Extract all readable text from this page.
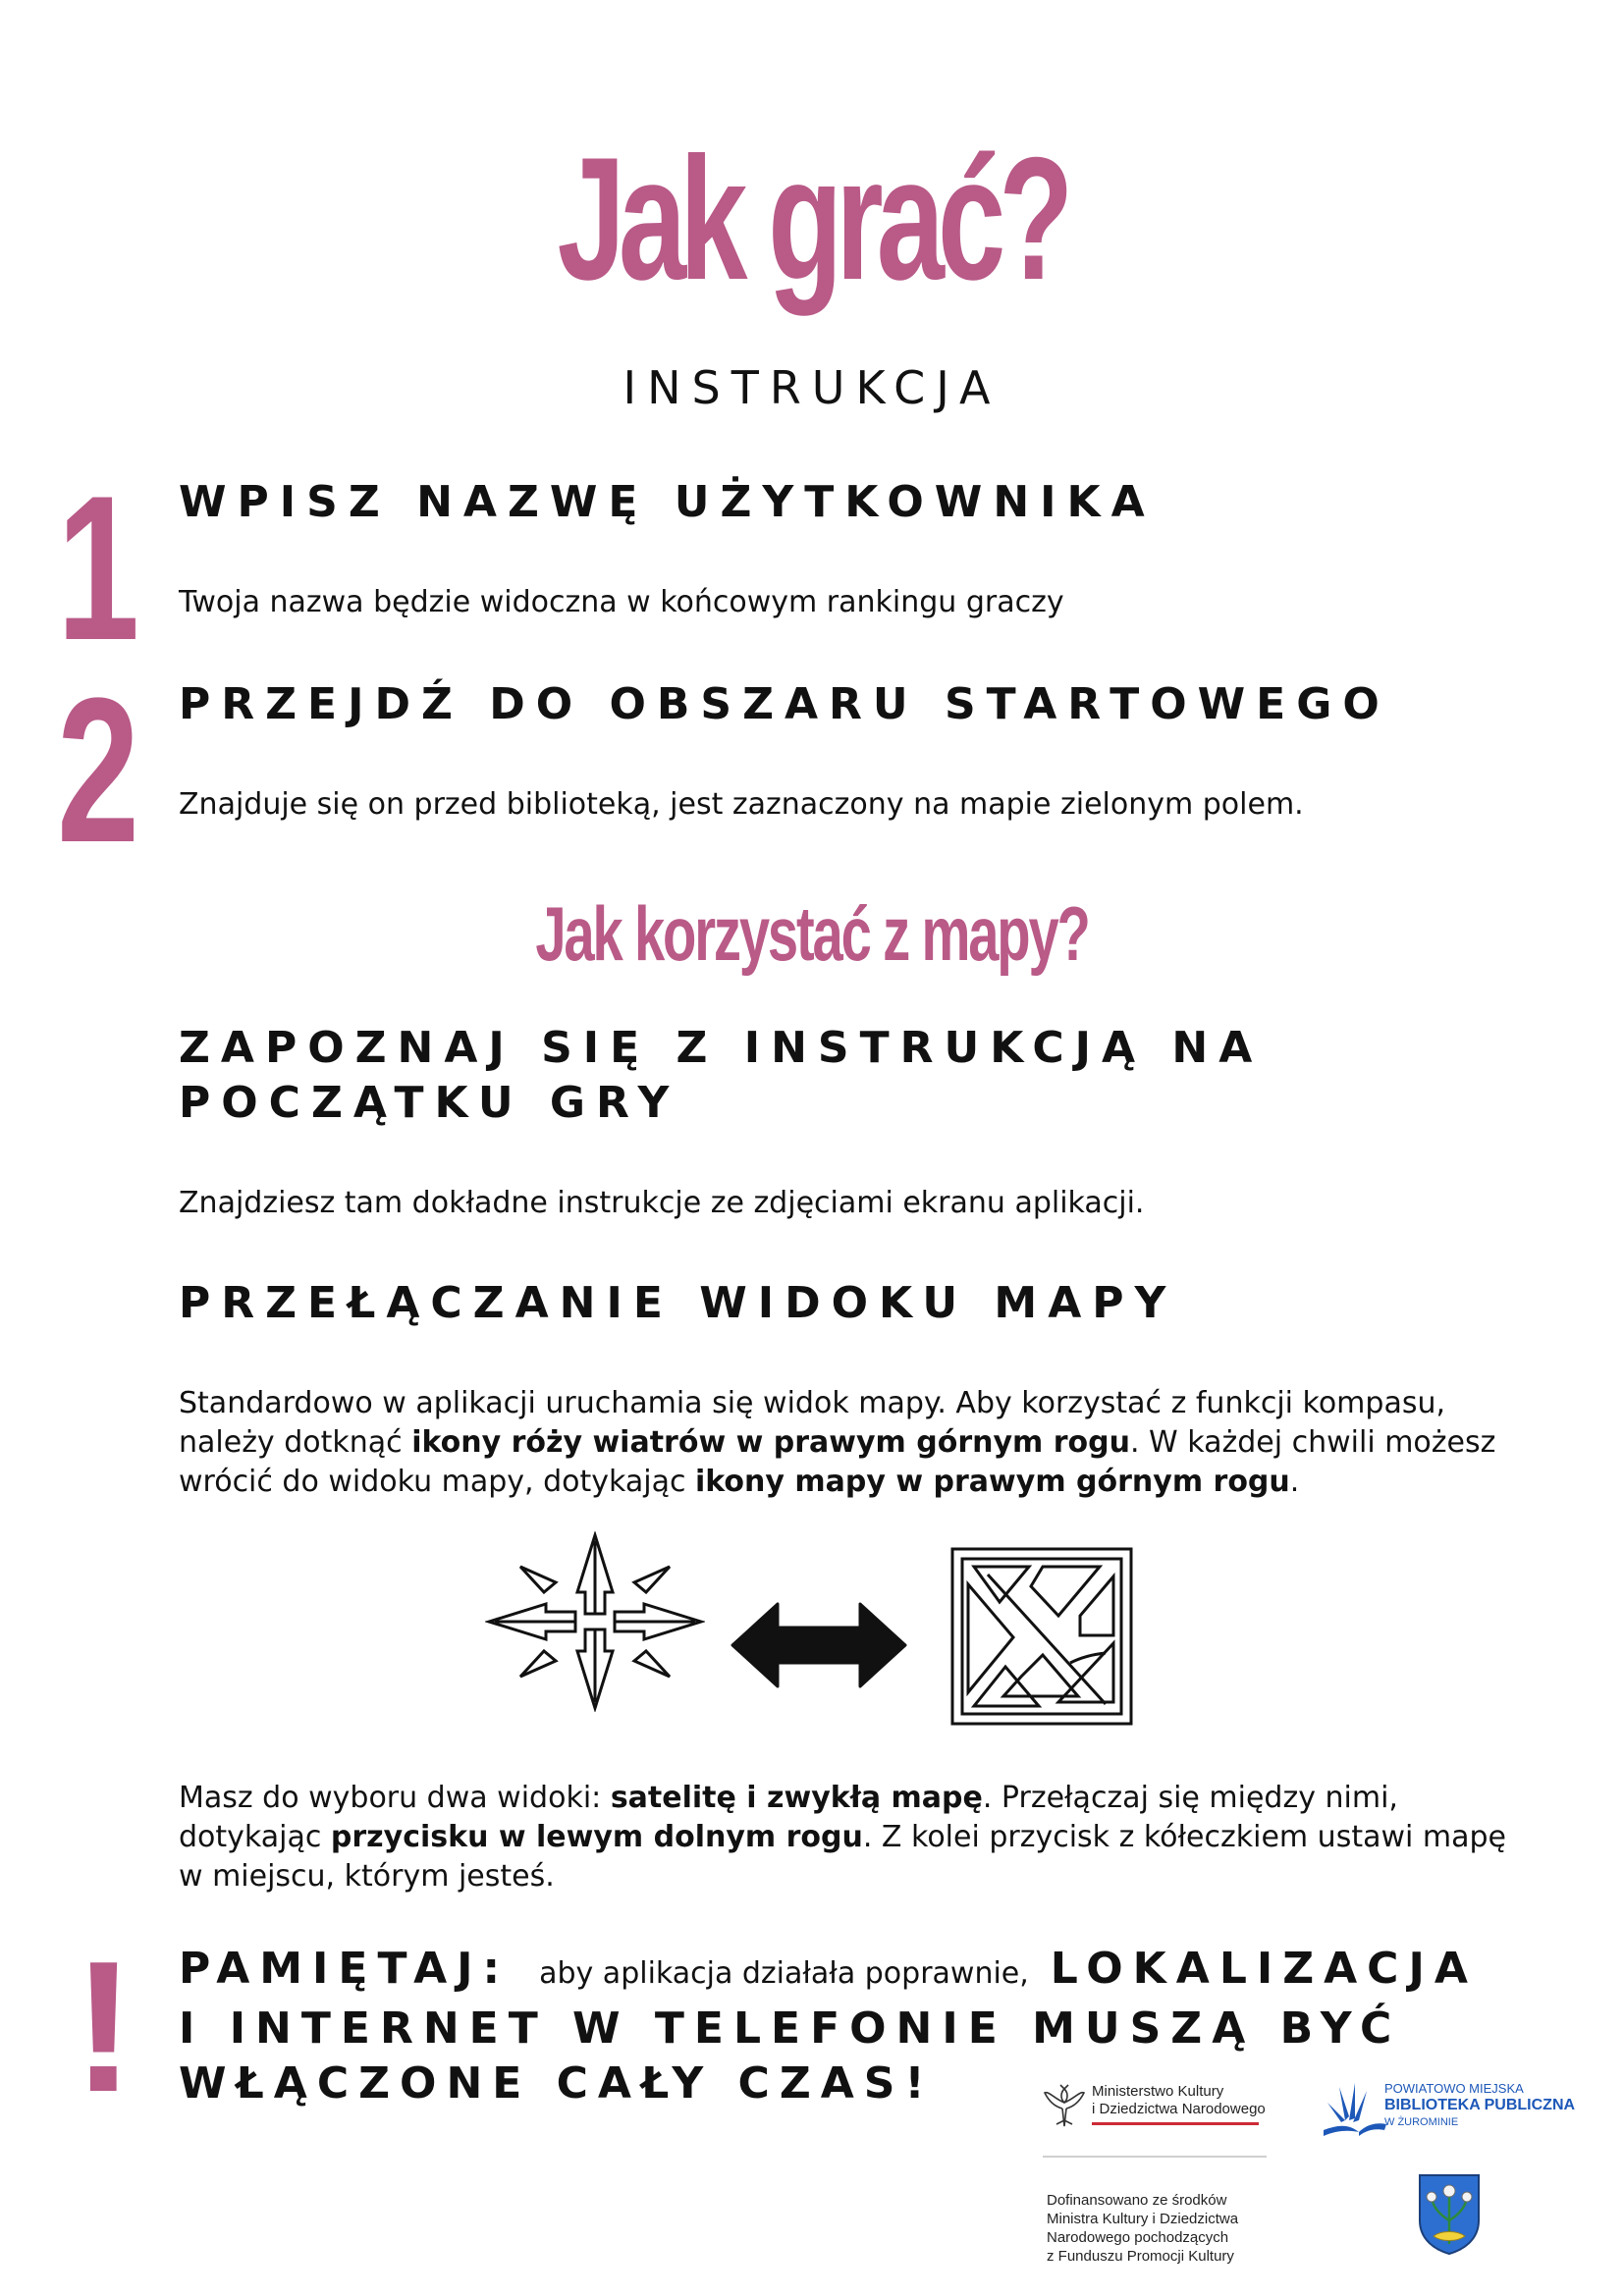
Jak grać?
INSTRUKCJA
1 WPISZ NAZWĘ UŻYTKOWNIKA
Twoja nazwa będzie widoczna w końcowym rankingu graczy
2 PRZEJDŹ DO OBSZARU STARTOWEGO
Znajduje się on przed biblioteką, jest zaznaczony na mapie zielonym polem.
Jak korzystać z mapy?
ZAPOZNAJ SIĘ Z INSTRUKCJĄ NA
POCZĄTKU GRY
Znajdziesz tam dokładne instrukcje ze zdjęciami ekranu aplikacji.
PRZEŁĄCZANIE WIDOKU MAPY
Standardowo w aplikacji uruchamia się widok mapy. Aby korzystać z funkcji kompasu,
należy dotknąć ikony róży wiatrów w prawym górnym rogu. W każdej chwili możesz
wrócić do widoku mapy, dotykając ikony mapy w prawym górnym rogu.
Masz do wyboru dwa widoki: satelitę i zwykłą mapę. Przełączaj się między nimi,
dotykając przycisku w lewym dolnym rogu. Z kolei przycisk z kółeczkiem ustawi mapę
w miejscu, którym jesteś.
! PAMIĘTAJ: aby aplikacja działała poprawnie, LOKALIZACJA
I INTERNET W TELEFONIE MUSZĄ BYĆ
WŁĄCZONE CAŁY CZAS!	Ministerstwo Kultury
i Dziedzictwa Narodowego
POWIATOWO MIEJSKA
BIBLIOTEKA PUBLICZNA
W ŻUROMINIE
Dofinansowano ze środków
Ministra Kultury i Dziedzictwa
Narodowego pochodzących
z Funduszu Promocji Kultury
